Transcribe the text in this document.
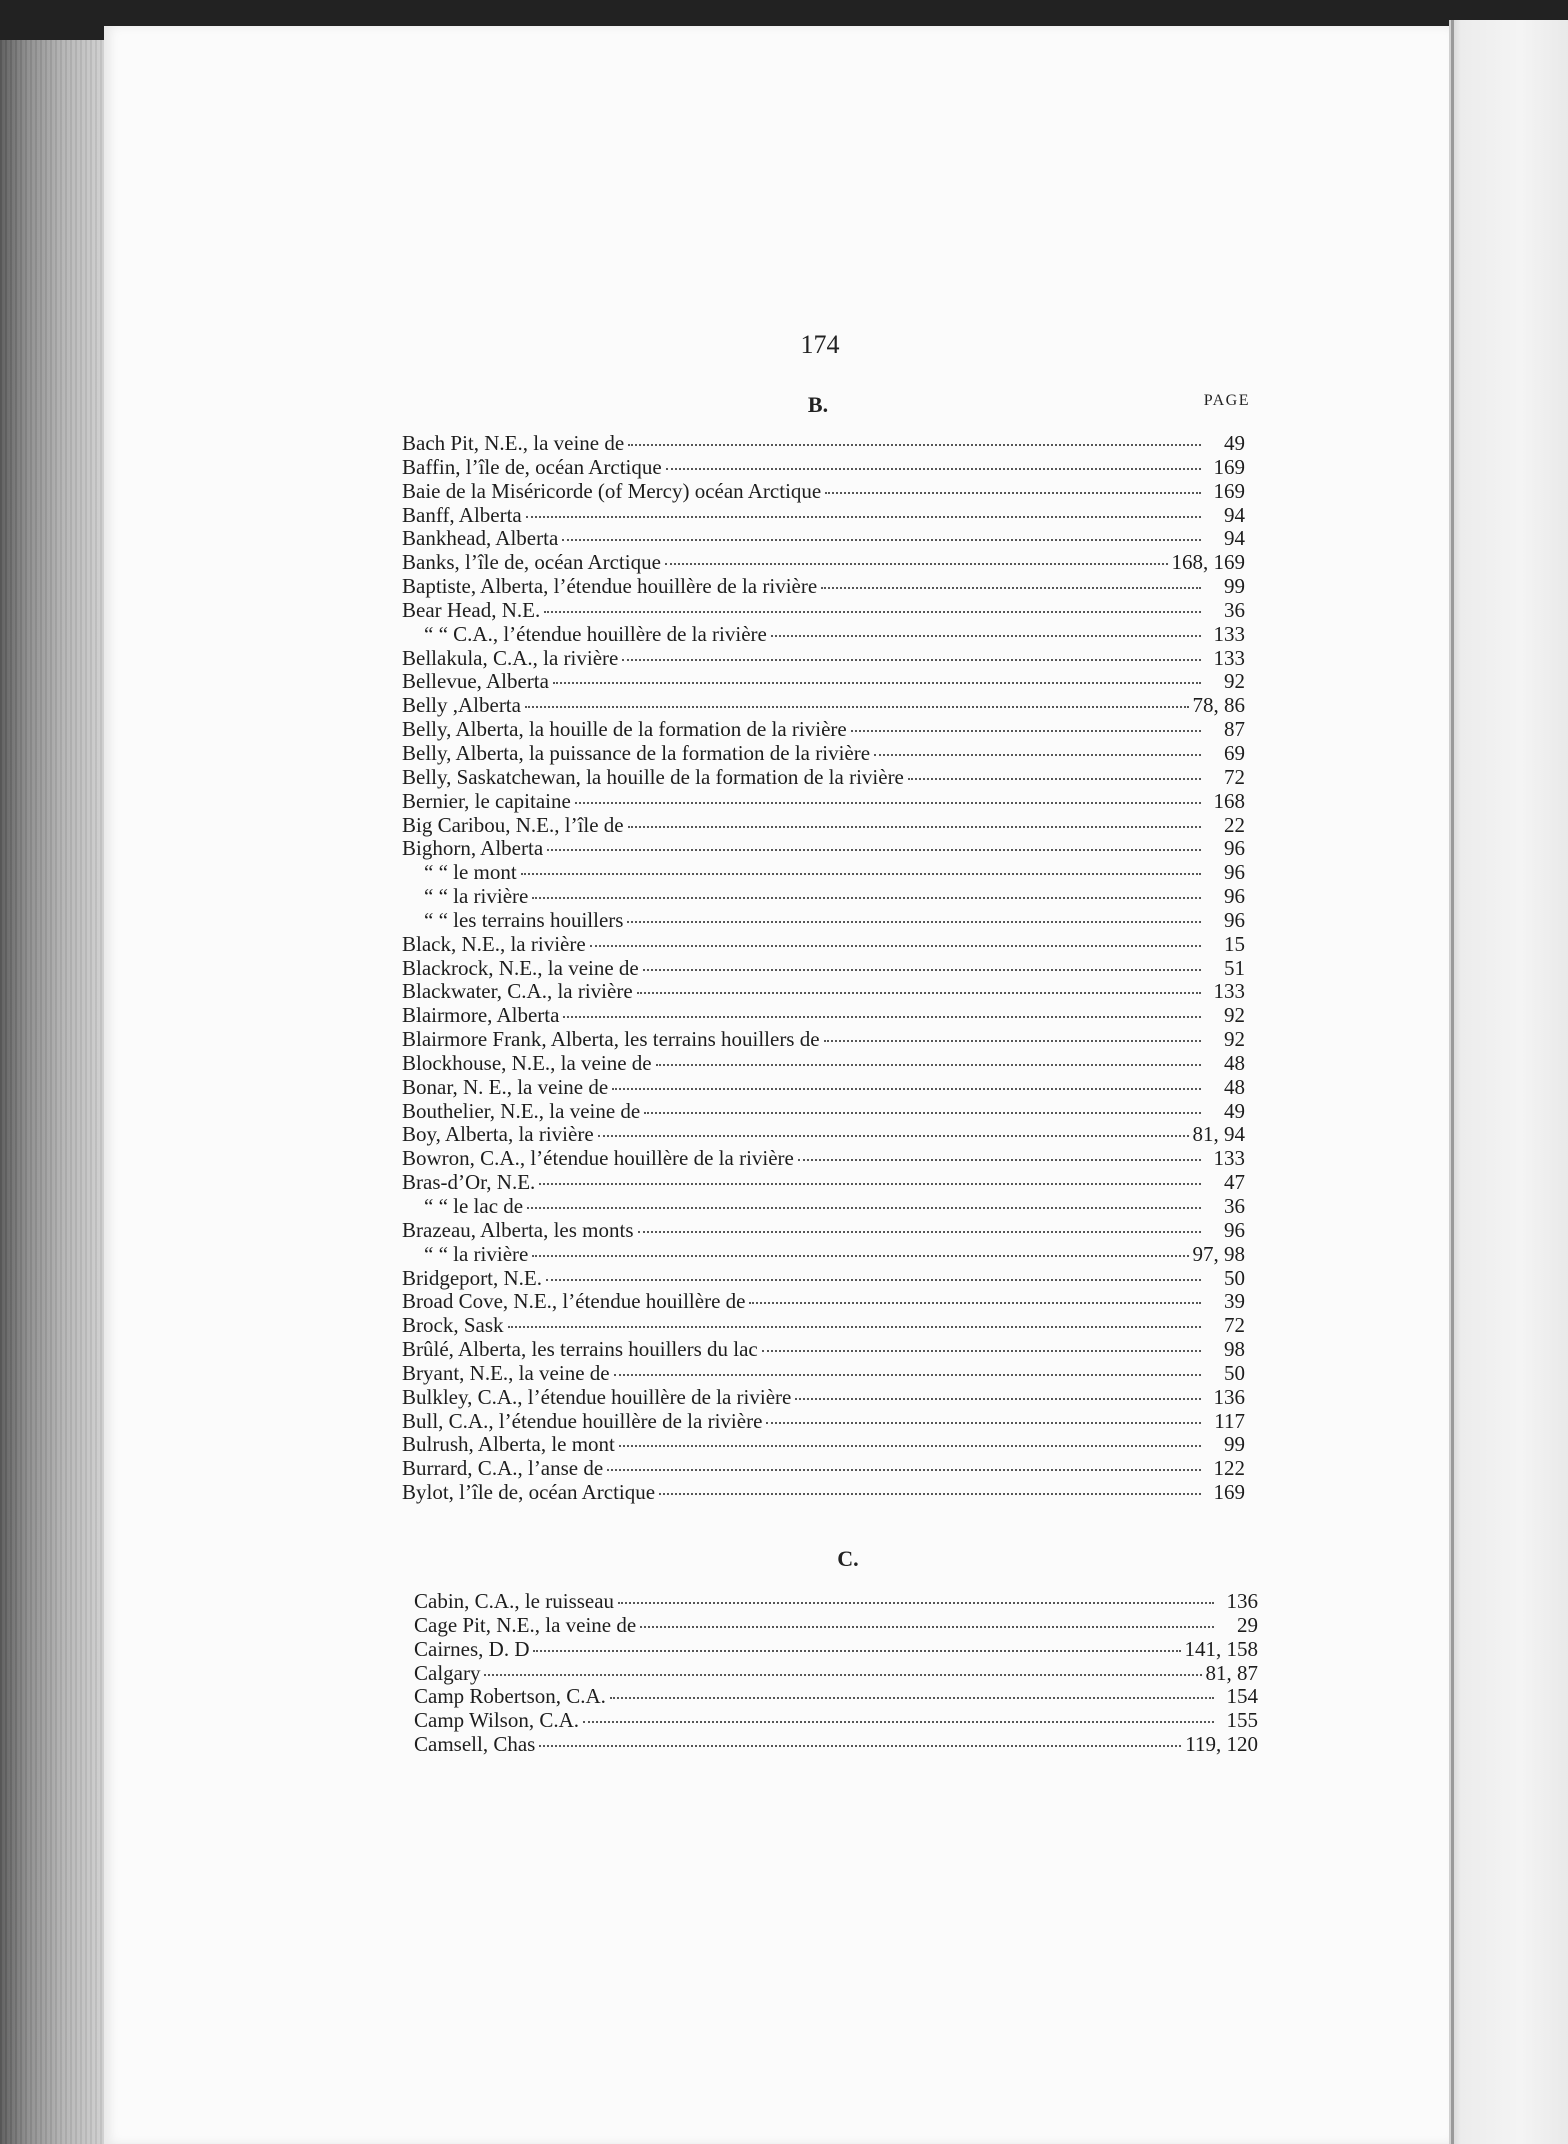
174
PAGE
B.
Bach Pit, N.E., la veine de	49
Baffin, l’île de, océan Arctique	169
Baie de la Miséricorde (of Mercy) océan Arctique	169
Banff, Alberta	94
Bankhead, Alberta	94
Banks, l’île de, océan Arctique	168, 169
Baptiste, Alberta, l’étendue houillère de la rivière	99
Bear Head, N.E.	36
“ “ C.A., l’étendue houillère de la rivière	133
Bellakula, C.A., la rivière	133
Bellevue, Alberta	92
Belly ,Alberta	78, 86
Belly, Alberta, la houille de la formation de la rivière	87
Belly, Alberta, la puissance de la formation de la rivière	69
Belly, Saskatchewan, la houille de la formation de la rivière	72
Bernier, le capitaine	168
Big Caribou, N.E., l’île de	22
Bighorn, Alberta	96
“ “ le mont	96
“ “ la rivière	96
“ “ les terrains houillers	96
Black, N.E., la rivière	15
Blackrock, N.E., la veine de	51
Blackwater, C.A., la rivière	133
Blairmore, Alberta	92
Blairmore Frank, Alberta, les terrains houillers de	92
Blockhouse, N.E., la veine de	48
Bonar, N. E., la veine de	48
Bouthelier, N.E., la veine de	49
Boy, Alberta, la rivière	81, 94
Bowron, C.A., l’étendue houillère de la rivière	133
Bras-d’Or, N.E.	47
“ “ le lac de	36
Brazeau, Alberta, les monts	96
“ “ la rivière	97, 98
Bridgeport, N.E.	50
Broad Cove, N.E., l’étendue houillère de	39
Brock, Sask	72
Brûlé, Alberta, les terrains houillers du lac	98
Bryant, N.E., la veine de	50
Bulkley, C.A., l’étendue houillère de la rivière	136
Bull, C.A., l’étendue houillère de la rivière	117
Bulrush, Alberta, le mont	99
Burrard, C.A., l’anse de	122
Bylot, l’île de, océan Arctique	169
C.
Cabin, C.A., le ruisseau	136
Cage Pit, N.E., la veine de	29
Cairnes, D. D	141, 158
Calgary	81, 87
Camp Robertson, C.A.	154
Camp Wilson, C.A.	155
Camsell, Chas	119, 120
